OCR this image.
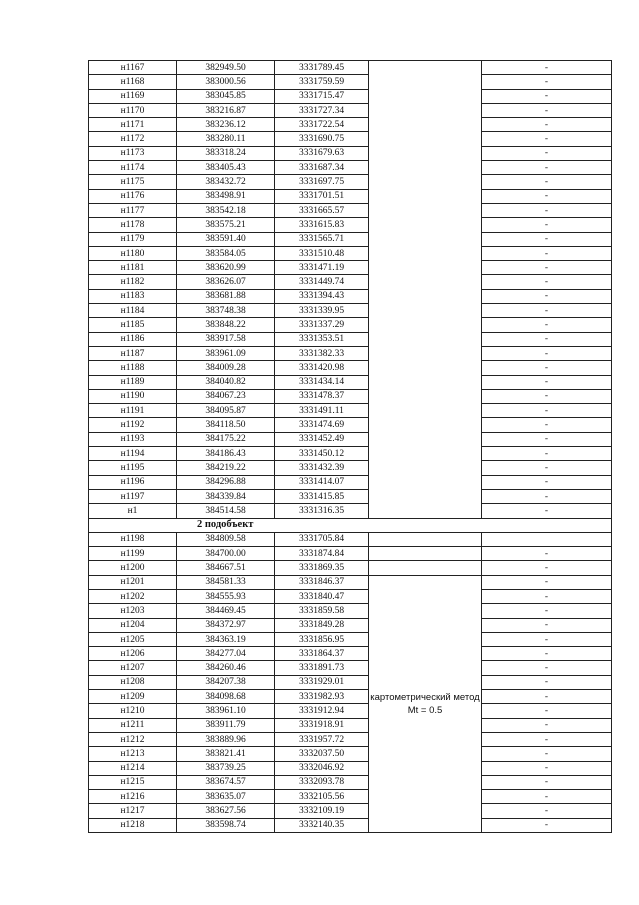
н1167	382949.50	3331789.45		-
н1168	383000.56	3331759.59		-
н1169	383045.85	3331715.47		-
н1170	383216.87	3331727.34		-
н1171	383236.12	3331722.54		-
н1172	383280.11	3331690.75		-
н1173	383318.24	3331679.63		-
н1174	383405.43	3331687.34		-
н1175	383432.72	3331697.75		-
н1176	383498.91	3331701.51		-
н1177	383542.18	3331665.57		-
н1178	383575.21	3331615.83		-
н1179	383591.40	3331565.71		-
н1180	383584.05	3331510.48		-
н1181	383620.99	3331471.19		-
н1182	383626.07	3331449.74		-
н1183	383681.88	3331394.43		-
н1184	383748.38	3331339.95		-
н1185	383848.22	3331337.29		-
н1186	383917.58	3331353.51		-
н1187	383961.09	3331382.33		-
н1188	384009.28	3331420.98		-
н1189	384040.82	3331434.14		-
н1190	384067.23	3331478.37		-
н1191	384095.87	3331491.11		-
н1192	384118.50	3331474.69		-
н1193	384175.22	3331452.49		-
н1194	384186.43	3331450.12		-
н1195	384219.22	3331432.39		-
н1196	384296.88	3331414.07		-
н1197	384339.84	3331415.85		-
н1	384514.58	3331316.35		-
2 подобъект				
н1198	384809.58	3331705.84		
н1199	384700.00	3331874.84		-
н1200	384667.51	3331869.35		-
н1201	384581.33	3331846.37	картометрический метод Mt = 0.5	-
н1202	384555.93	3331840.47		-
н1203	384469.45	3331859.58		-
н1204	384372.97	3331849.28		-
н1205	384363.19	3331856.95		-
н1206	384277.04	3331864.37		-
н1207	384260.46	3331891.73		-
н1208	384207.38	3331929.01		-
н1209	384098.68	3331982.93		-
н1210	383961.10	3331912.94		-
н1211	383911.79	3331918.91		-
н1212	383889.96	3331957.72		-
н1213	383821.41	3332037.50		-
н1214	383739.25	3332046.92		-
н1215	383674.57	3332093.78		-
н1216	383635.07	3332105.56		-
н1217	383627.56	3332109.19		-
н1218	383598.74	3332140.35		-
